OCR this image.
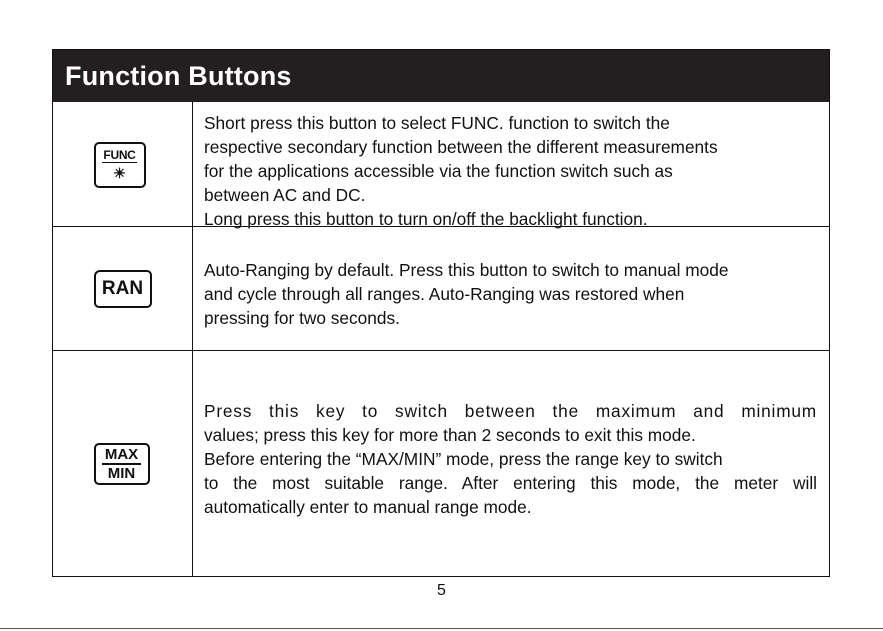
Function Buttons
FUNC
☀

Short press this button to select FUNC. function to switch the
respective secondary function between the different measurements
for the applications accessible via the function switch such as
between AC and DC.
Long press this button to turn on/off the backlight function.

RAN

Auto-Ranging by default. Press this button to switch to manual mode
and cycle through all ranges. Auto-Ranging was restored when
pressing for two seconds.

MAX
MIN

Press this key to switch between the maximum and minimum
values; press this key for more than 2 seconds to exit this mode.
Before entering the “MAX/MIN” mode, press the range key to switch
to the most suitable range. After entering this mode, the meter will
automatically enter to manual range mode.

5
